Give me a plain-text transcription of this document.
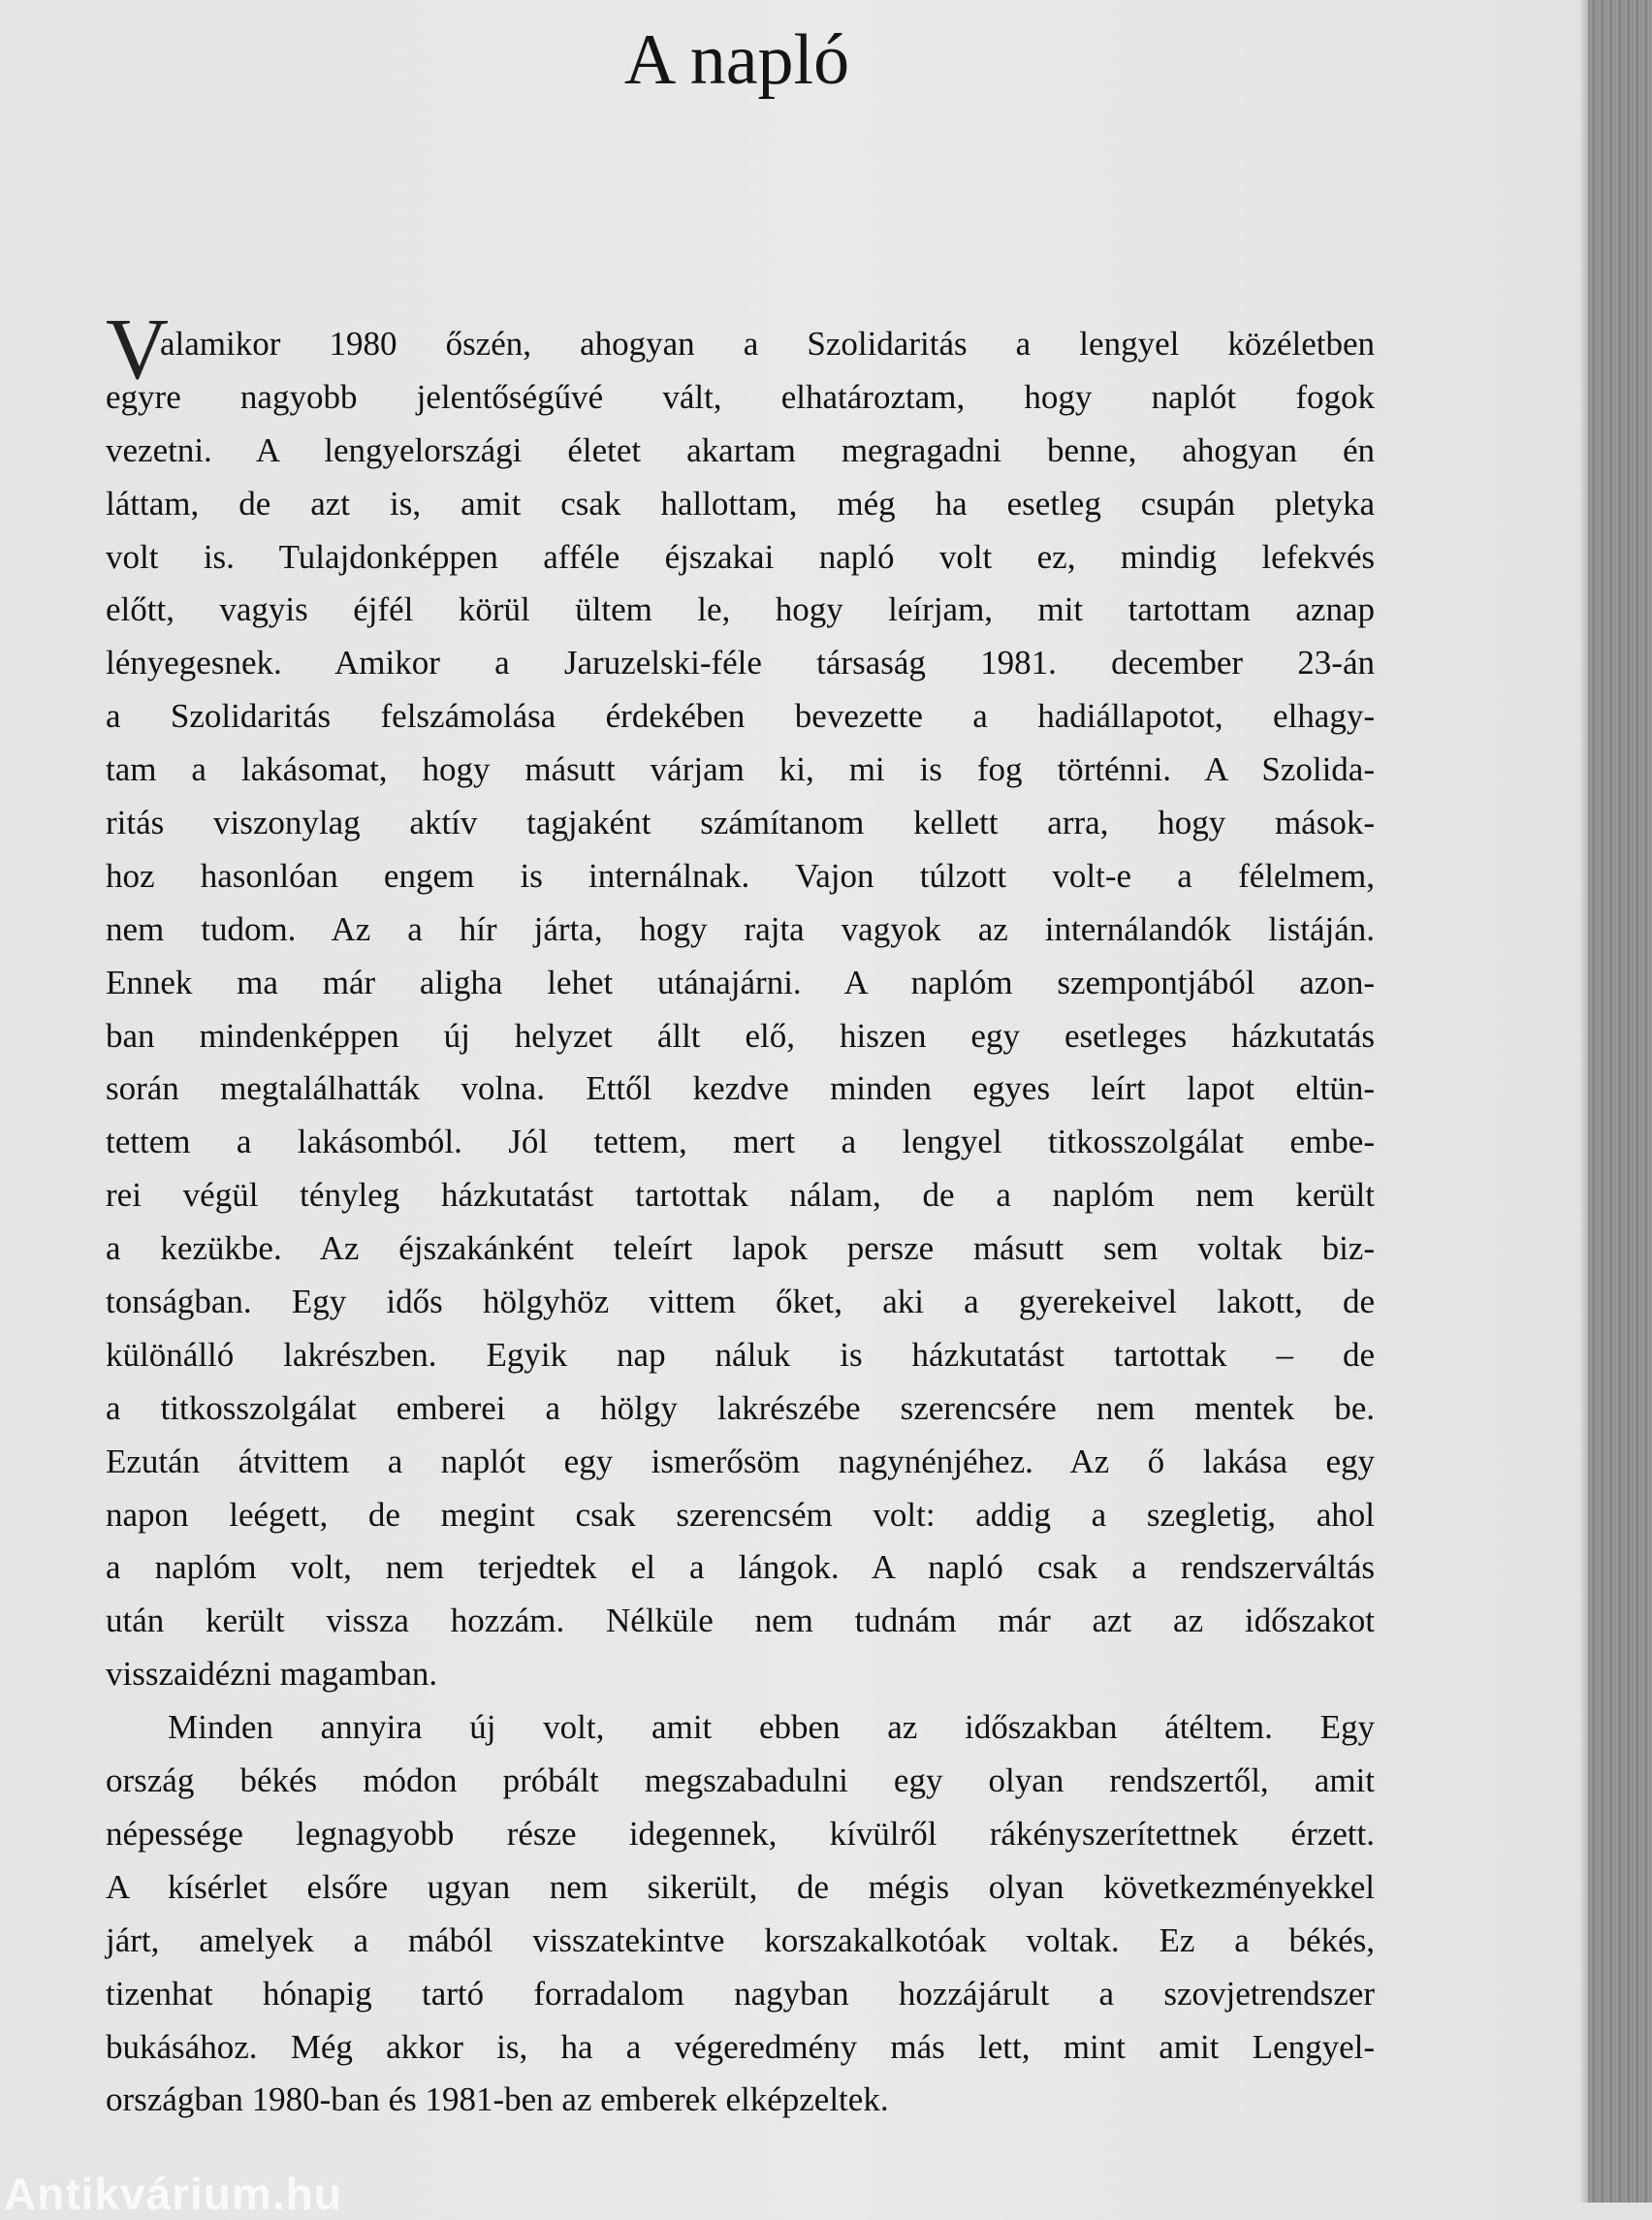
A napló
V
alamikor 1980 őszén, ahogyan a Szolidaritás a lengyel közéletben
egyre nagyobb jelentőségűvé vált, elhatároztam, hogy naplót fogok
vezetni. A lengyelországi életet akartam megragadni benne, ahogyan én
láttam, de azt is, amit csak hallottam, még ha esetleg csupán pletyka
volt is. Tulajdonképpen afféle éjszakai napló volt ez, mindig lefekvés
előtt, vagyis éjfél körül ültem le, hogy leírjam, mit tartottam aznap
lényegesnek. Amikor a Jaruzelski-féle társaság 1981. december 23-án
a Szolidaritás felszámolása érdekében bevezette a hadiállapotot, elhagy-
tam a lakásomat, hogy másutt várjam ki, mi is fog történni. A Szolida-
ritás viszonylag aktív tagjaként számítanom kellett arra, hogy mások-
hoz hasonlóan engem is internálnak. Vajon túlzott volt-e a félelmem,
nem tudom. Az a hír járta, hogy rajta vagyok az internálandók listáján.
Ennek ma már aligha lehet utánajárni. A naplóm szempontjából azon-
ban mindenképpen új helyzet állt elő, hiszen egy esetleges házkutatás
során megtalálhatták volna. Ettől kezdve minden egyes leírt lapot eltün-
tettem a lakásomból. Jól tettem, mert a lengyel titkosszolgálat embe-
rei végül tényleg házkutatást tartottak nálam, de a naplóm nem került
a kezükbe. Az éjszakánként teleírt lapok persze másutt sem voltak biz-
tonságban. Egy idős hölgyhöz vittem őket, aki a gyerekeivel lakott, de
különálló lakrészben. Egyik nap náluk is házkutatást tartottak – de
a titkosszolgálat emberei a hölgy lakrészébe szerencsére nem mentek be.
Ezután átvittem a naplót egy ismerősöm nagynénjéhez. Az ő lakása egy
napon leégett, de megint csak szerencsém volt: addig a szegletig, ahol
a naplóm volt, nem terjedtek el a lángok. A napló csak a rendszerváltás
után került vissza hozzám. Nélküle nem tudnám már azt az időszakot
visszaidézni magamban.
Minden annyira új volt, amit ebben az időszakban átéltem. Egy
ország békés módon próbált megszabadulni egy olyan rendszertől, amit
népessége legnagyobb része idegennek, kívülről rákényszerítettnek érzett.
A kísérlet elsőre ugyan nem sikerült, de mégis olyan következményekkel
járt, amelyek a mából visszatekintve korszakalkotóak voltak. Ez a békés,
tizenhat hónapig tartó forradalom nagyban hozzájárult a szovjetrendszer
bukásához. Még akkor is, ha a végeredmény más lett, mint amit Lengyel-
országban 1980-ban és 1981-ben az emberek elképzeltek.
Antikvárium.hu
